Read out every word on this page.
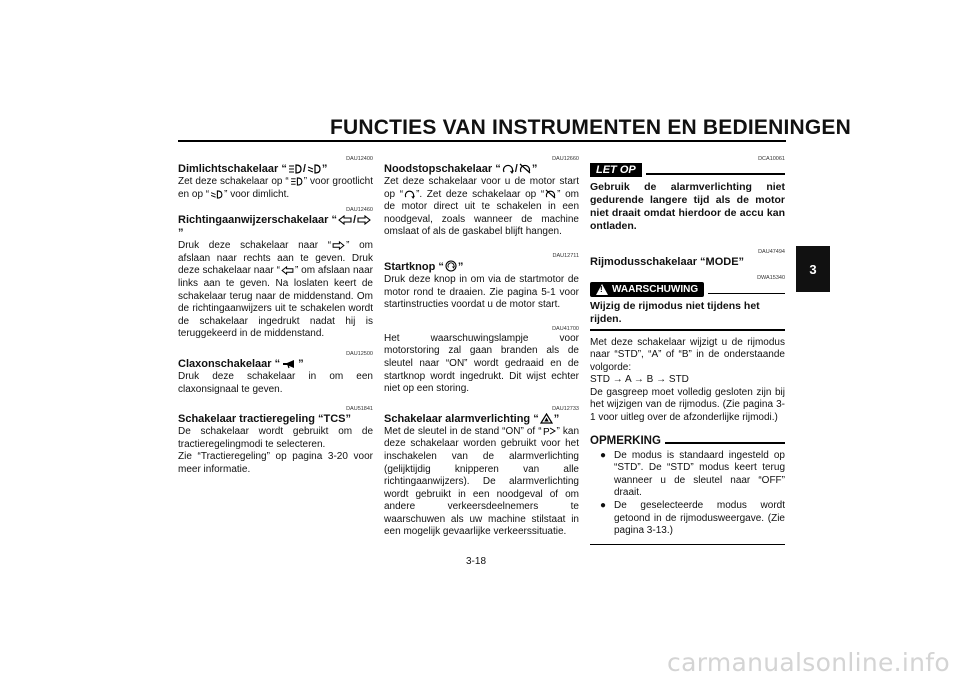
FUNCTIES VAN INSTRUMENTEN EN BEDIENINGEN
3
DAU12400
Dimlichtschakelaar “ / ”
Zet deze schakelaar op “ ” voor grootlicht en op “ ” voor dimlicht.
DAU12460
Richtingaanwijzerschakelaar “ /”
Druk deze schakelaar naar “ ” om afslaan naar rechts aan te geven. Druk deze schakelaar naar “ ” om afslaan naar links aan te geven. Na loslaten keert de schakelaar terug naar de middenstand. Om de richtingaanwijzers uit te schakelen wordt de schakelaar ingedrukt nadat hij is teruggekeerd in de middenstand.
DAU12500
Claxonschakelaar “ ”
Druk deze schakelaar in om een claxonsignaal te geven.
DAU51841
Schakelaar tractieregeling “TCS”

De schakelaar wordt gebruikt om de tractieregelingmodi te selecteren.

Zie “Tractieregeling” op pagina 3-20 voor meer informatie.

DAU12660
Noodstopschakelaar “ / ”
Zet deze schakelaar voor u de motor start op “ ”. Zet deze schakelaar op “ ” om de motor direct uit te schakelen in een noodgeval, zoals wanneer de machine omslaat of als de gaskabel blijft hangen.
DAU12711
Startknop “ ”
Druk deze knop in om via de startmotor de motor rond te draaien. Zie pagina 5-1 voor startinstructies voordat u de motor start.
DAU41700
Het waarschuwingslampje voor motorstoring zal gaan branden als de sleutel naar “ON” wordt gedraaid en de startknop wordt ingedrukt. Dit wijst echter niet op een storing.
DAU12733
Schakelaar alarmverlichting “ ”
Met de sleutel in de stand “ON” of “ P ” kan deze schakelaar worden gebruikt voor het inschakelen van de alarmverlichting (gelijktijdig knipperen van alle richtingaanwijzers). De alarmverlichting wordt gebruikt in een noodgeval of om andere verkeersdeelnemers te waarschuwen als uw machine stilstaat in een mogelijk gevaarlijke verkeerssituatie.
DCA10061
LET OP
Gebruik de alarmverlichting niet gedurende langere tijd als de motor niet draait omdat hierdoor de accu kan ontladen.
DAU47494
Rijmodusschakelaar “MODE”
DWA15340
! WAARSCHUWING
Wijzig de rijmodus niet tijdens het rijden.

Met deze schakelaar wijzigt u de rijmodus naar “STD”, “A” of “B” in de onderstaande volgorde:

STD → A → B → STD

De gasgreep moet volledig gesloten zijn bij het wijzigen van de rijmodus. (Zie pagina 3-1 voor uitleg over de afzonderlijke rijmodi.)

OPMERKING
● De modus is standaard ingesteld op “STD”. De “STD” modus keert terug wanneer u de sleutel naar “OFF” draait.
● De geselecteerde modus wordt getoond in de rijmodusweergave. (Zie pagina 3-13.)
3-18
carmanualsonline.info
